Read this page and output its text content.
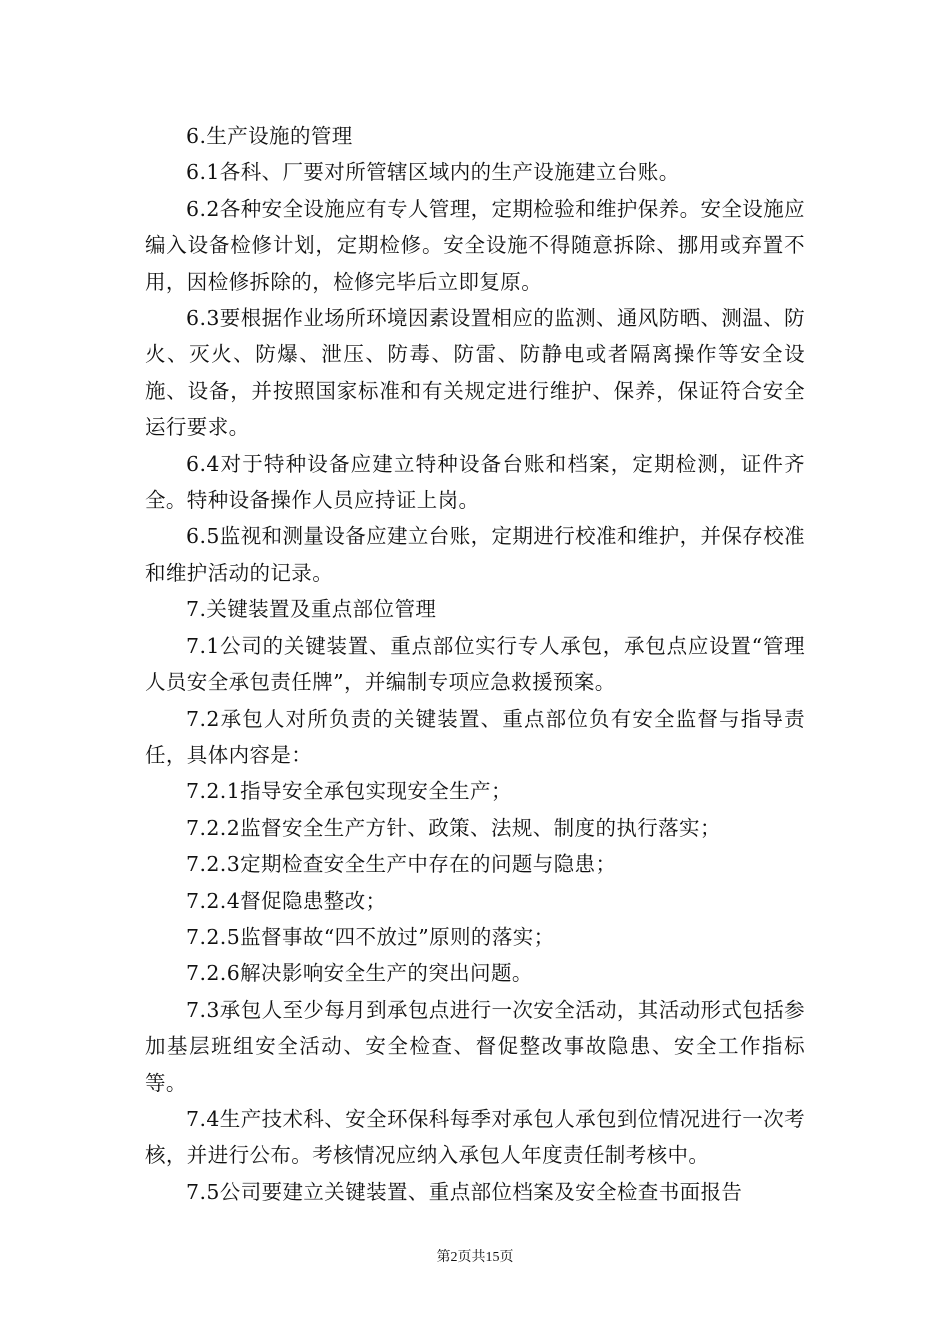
6.生产设施的管理

6.1各科、厂要对所管辖区域内的生产设施建立台账。

6.2各种安全设施应有专人管理，定期检验和维护保养。安全设施应编入设备检修计划，定期检修。安全设施不得随意拆除、挪用或弃置不用，因检修拆除的，检修完毕后立即复原。

6.3要根据作业场所环境因素设置相应的监测、通风防晒、测温、防火、灭火、防爆、泄压、防毒、防雷、防静电或者隔离操作等安全设施、设备，并按照国家标准和有关规定进行维护、保养，保证符合安全运行要求。

6.4对于特种设备应建立特种设备台账和档案，定期检测，证件齐全。特种设备操作人员应持证上岗。

6.5监视和测量设备应建立台账，定期进行校准和维护，并保存校准和维护活动的记录。

7.关键装置及重点部位管理

7.1公司的关键装置、重点部位实行专人承包，承包点应设置“管理人员安全承包责任牌”，并编制专项应急救援预案。

7.2承包人对所负责的关键装置、重点部位负有安全监督与指导责任，具体内容是：

7.2.1指导安全承包实现安全生产；

7.2.2监督安全生产方针、政策、法规、制度的执行落实；

7.2.3定期检查安全生产中存在的问题与隐患；

7.2.4督促隐患整改；

7.2.5监督事故“四不放过”原则的落实；

7.2.6解决影响安全生产的突出问题。

7.3承包人至少每月到承包点进行一次安全活动，其活动形式包括参加基层班组安全活动、安全检查、督促整改事故隐患、安全工作指标等。

7.4生产技术科、安全环保科每季对承包人承包到位情况进行一次考核，并进行公布。考核情况应纳入承包人年度责任制考核中。

7.5公司要建立关键装置、重点部位档案及安全检查书面报告

第2页共15页
